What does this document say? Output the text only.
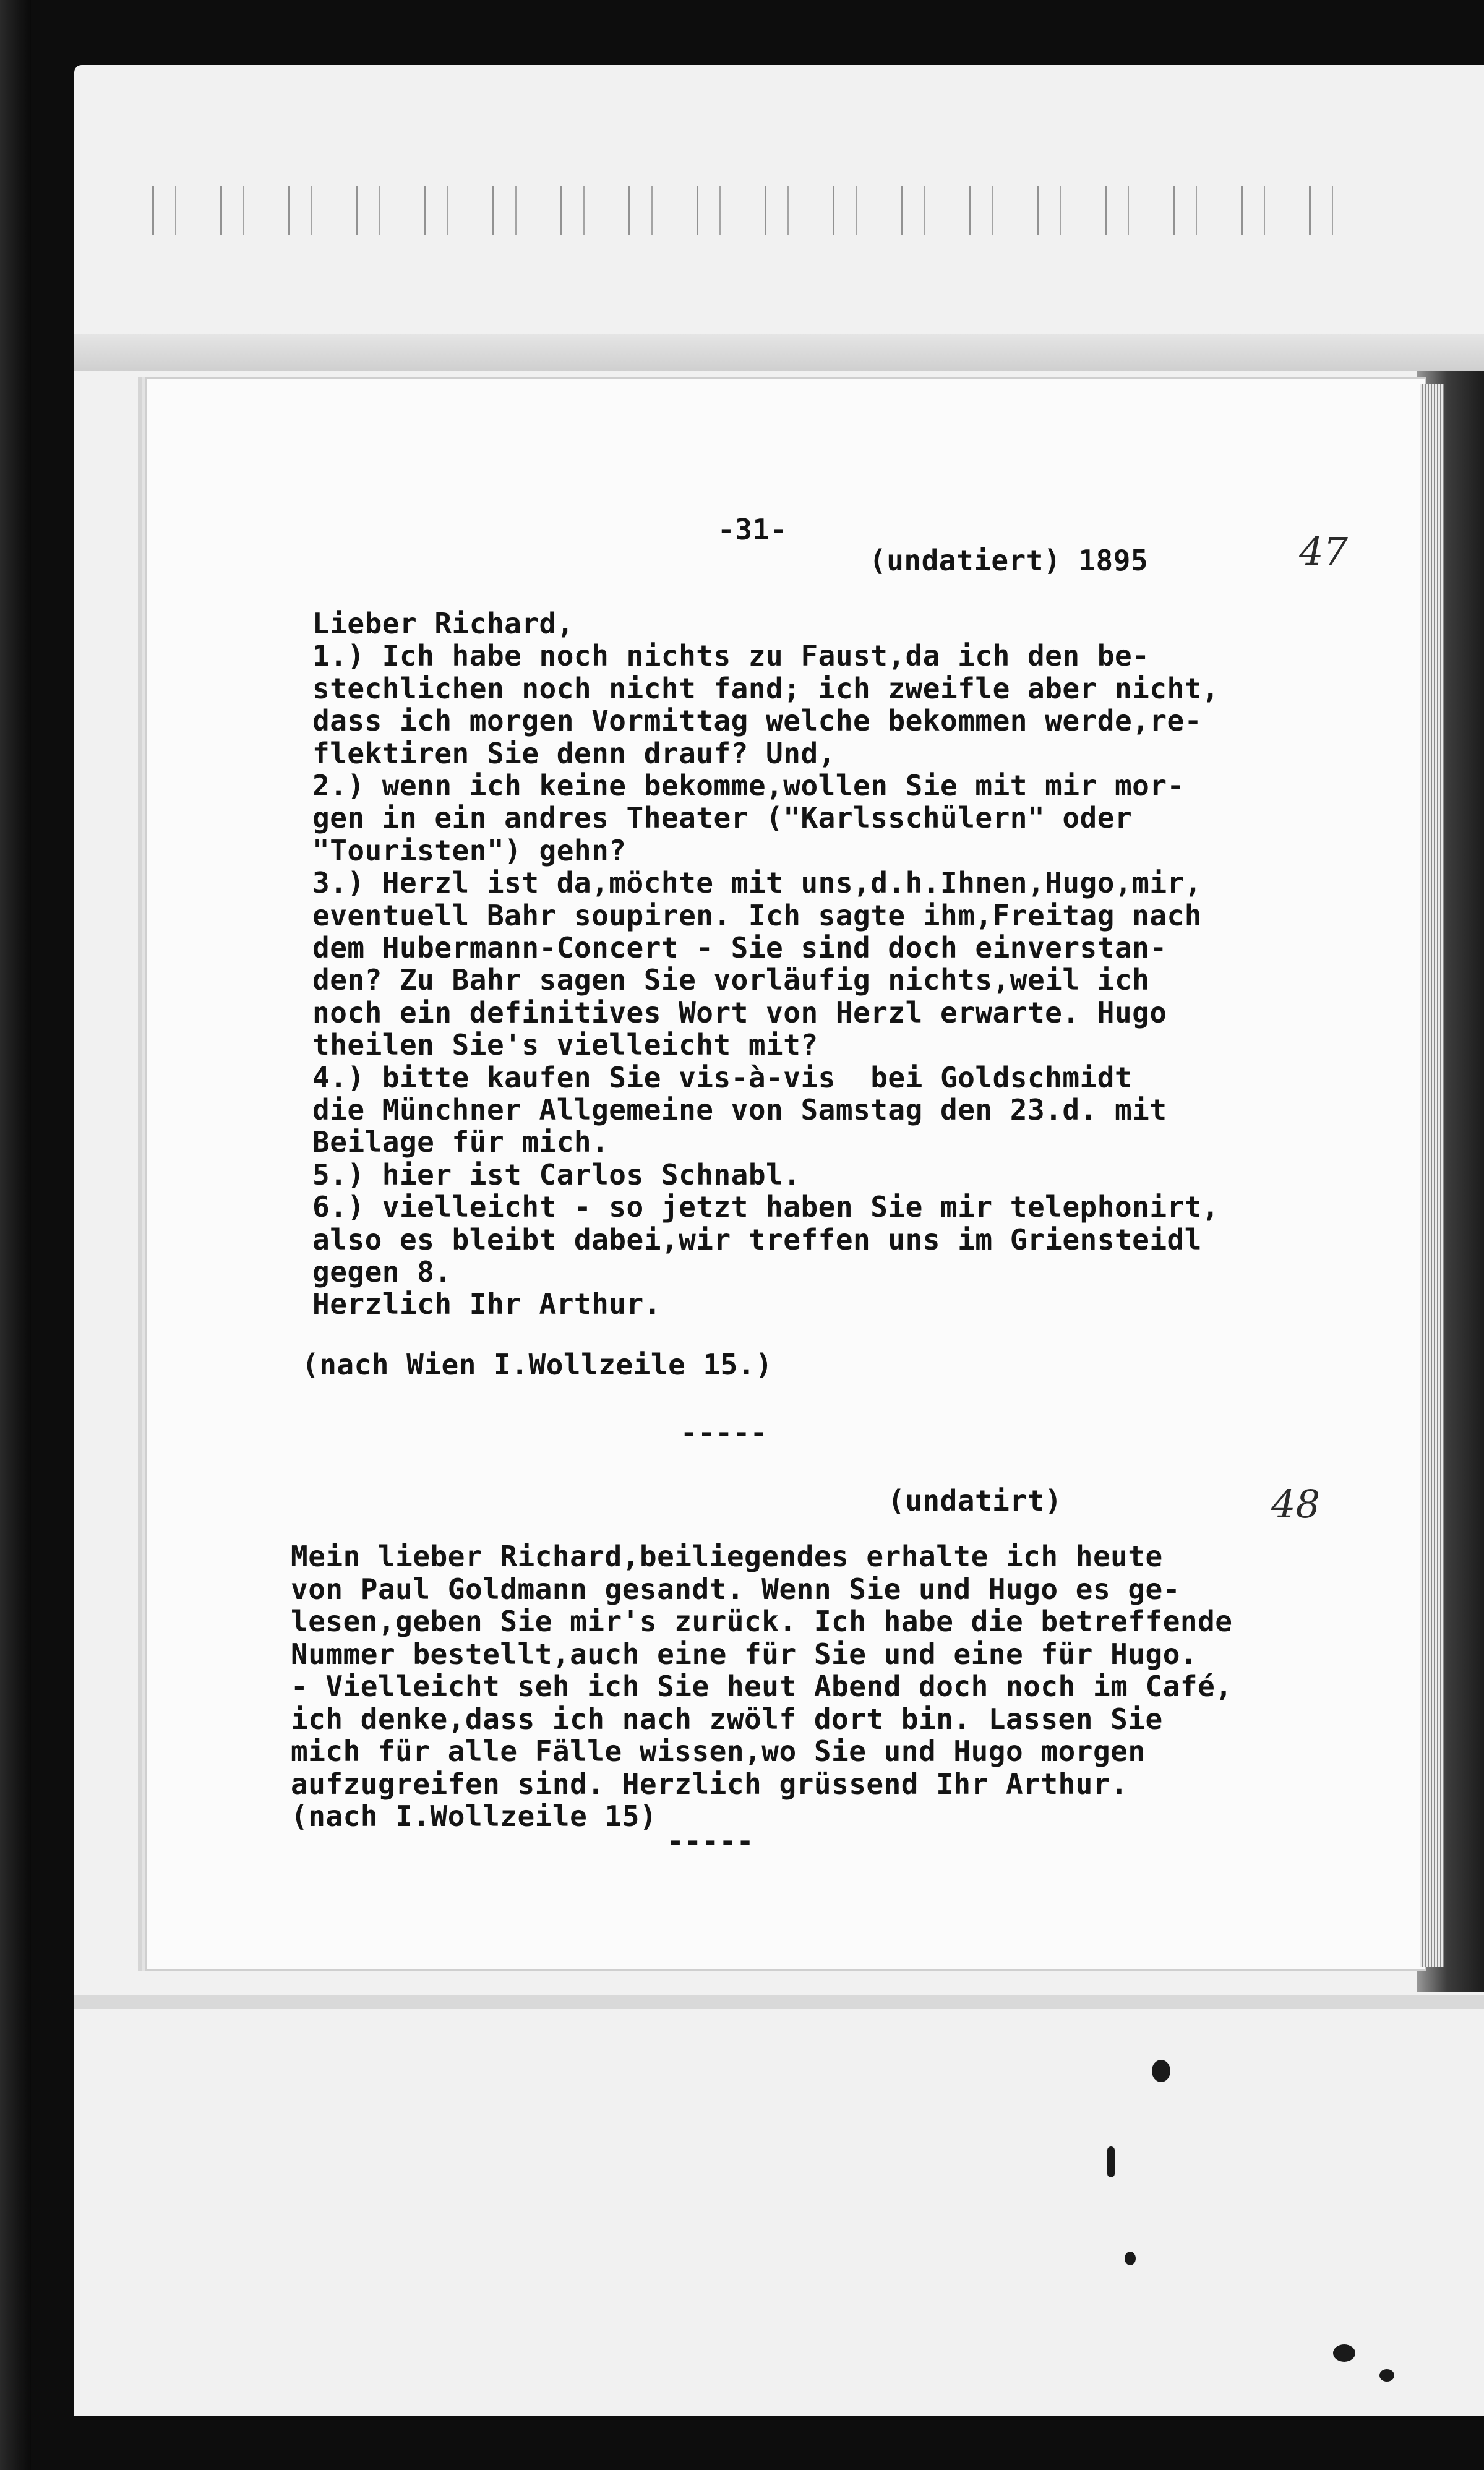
-31-
(undatiert) 1895	47
Lieber Richard,
1.) Ich habe noch nichts zu Faust,da ich den be-
stechlichen noch nicht fand; ich zweifle aber nicht,
dass ich morgen Vormittag welche bekommen werde,re-
flektiren Sie denn drauf? Und,
2.) wenn ich keine bekomme,wollen Sie mit mir mor-
gen in ein andres Theater ("Karlsschülern" oder
"Touristen") gehn?
3.) Herzl ist da,möchte mit uns,d.h.Ihnen,Hugo,mir,
eventuell Bahr soupiren. Ich sagte ihm,Freitag nach
dem Hubermann-Concert - Sie sind doch einverstan-
den? Zu Bahr sagen Sie vorläufig nichts,weil ich
noch ein definitives Wort von Herzl erwarte. Hugo
theilen Sie's vielleicht mit?
4.) bitte kaufen Sie vis-à-vis  bei Goldschmidt
die Münchner Allgemeine von Samstag den 23.d. mit
Beilage für mich.
5.) hier ist Carlos Schnabl.
6.) vielleicht - so jetzt haben Sie mir telephonirt,
also es bleibt dabei,wir treffen uns im Griensteidl
gegen 8.
Herzlich Ihr Arthur.
(nach Wien I.Wollzeile 15.)
-----
(undatirt)	48
Mein lieber Richard,beiliegendes erhalte ich heute
von Paul Goldmann gesandt. Wenn Sie und Hugo es ge-
lesen,geben Sie mir's zurück. Ich habe die betreffende
Nummer bestellt,auch eine für Sie und eine für Hugo.
- Vielleicht seh ich Sie heut Abend doch noch im Café,
ich denke,dass ich nach zwölf dort bin. Lassen Sie
mich für alle Fälle wissen,wo Sie und Hugo morgen
aufzugreifen sind. Herzlich grüssend Ihr Arthur.
(nach I.Wollzeile 15)
-----
